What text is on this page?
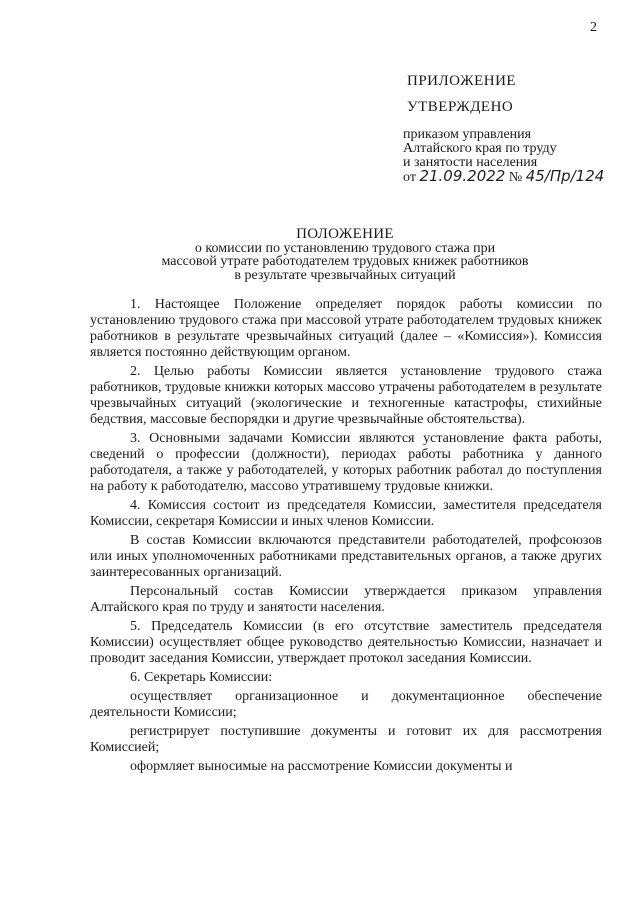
2
ПРИЛОЖЕНИЕ
УТВЕРЖДЕНО
приказом управления
Алтайского края по труду
и занятости населения
от 21.09.2022 № 45/Пр/124
ПОЛОЖЕНИЕ
о комиссии по установлению трудового стажа при
массовой утрате работодателем трудовых книжек работников
в результате чрезвычайных ситуаций

1. Настоящее Положение определяет порядок работы комиссии по установлению трудового стажа при массовой утрате работодателем трудовых книжек работников в результате чрезвычайных ситуаций (далее – «Комиссия»). Комиссия является постоянно действующим органом.

2. Целью работы Комиссии является установление трудового стажа работников, трудовые книжки которых массово утрачены работодателем в результате чрезвычайных ситуаций (экологические и техногенные катастрофы, стихийные бедствия, массовые беспорядки и другие чрезвычайные обстоятельства).

3. Основными задачами Комиссии являются установление факта работы, сведений о профессии (должности), периодах работы работника у данного работодателя, а также у работодателей, у которых работник работал до поступления на работу к работодателю, массово утратившему трудовые книжки.

4. Комиссия состоит из председателя Комиссии, заместителя председателя Комиссии, секретаря Комиссии и иных членов Комиссии.

В состав Комиссии включаются представители работодателей, профсоюзов или иных уполномоченных работниками представительных органов, а также других заинтересованных организаций.

Персональный состав Комиссии утверждается приказом управления Алтайского края по труду и занятости населения.

5. Председатель Комиссии (в его отсутствие заместитель председателя Комиссии) осуществляет общее руководство деятельностью Комиссии, назначает и проводит заседания Комиссии, утверждает протокол заседания Комиссии.

6. Секретарь Комиссии:

осуществляет организационное и документационное обеспечение деятельности Комиссии;

регистрирует поступившие документы и готовит их для рассмотрения Комиссией;

оформляет выносимые на рассмотрение Комиссии документы и
